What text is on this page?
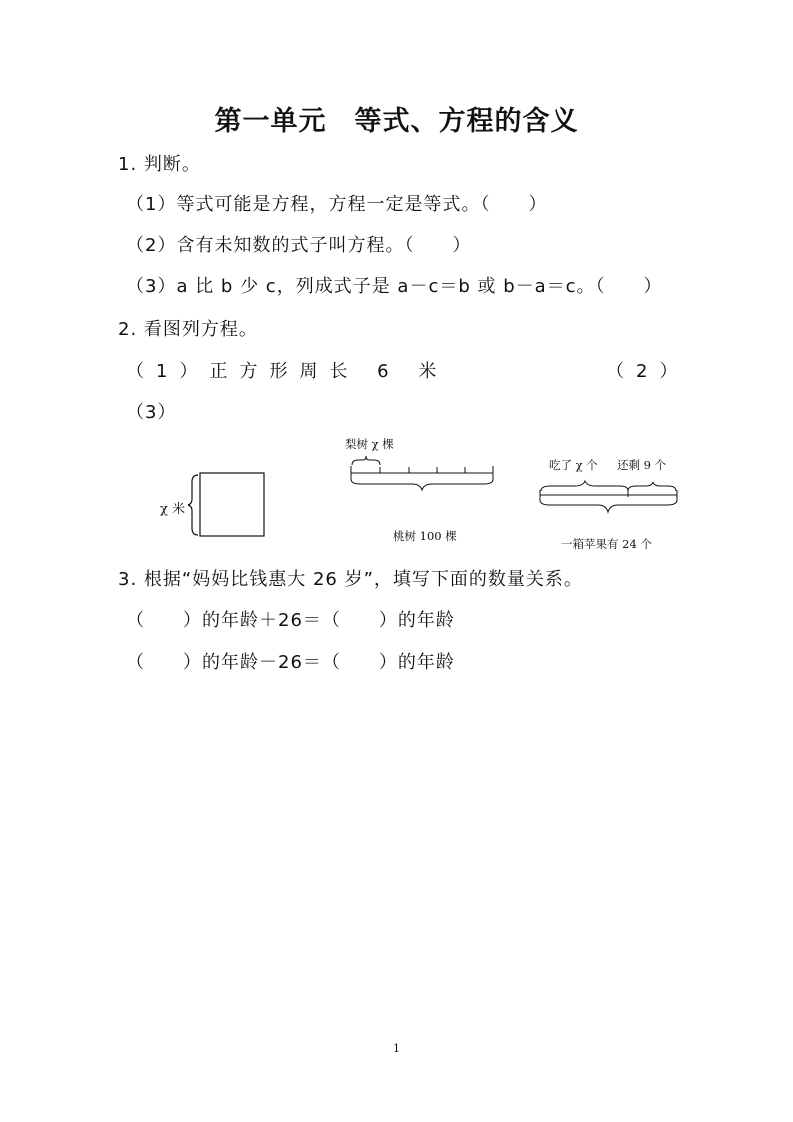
第一单元　等式、方程的含义
1. 判断。
（1）等式可能是方程，方程一定是等式。（　　）
（2）含有未知数的式子叫方程。（　　）
（3）a 比 b 少 c，列成式子是 a－c＝b 或 b－a＝c。（　　）
2. 看图列方程。
（1）正方形周长 6 米	（2）
（3）
χ 米
梨树 χ 棵
桃树 100 棵
吃了 χ 个 还剩 9 个
一箱苹果有 24 个
3. 根据“妈妈比钱惠大 26 岁”，填写下面的数量关系。
（　　）的年龄＋26＝（　　）的年龄
（　　）的年龄－26＝（　　）的年龄
1
